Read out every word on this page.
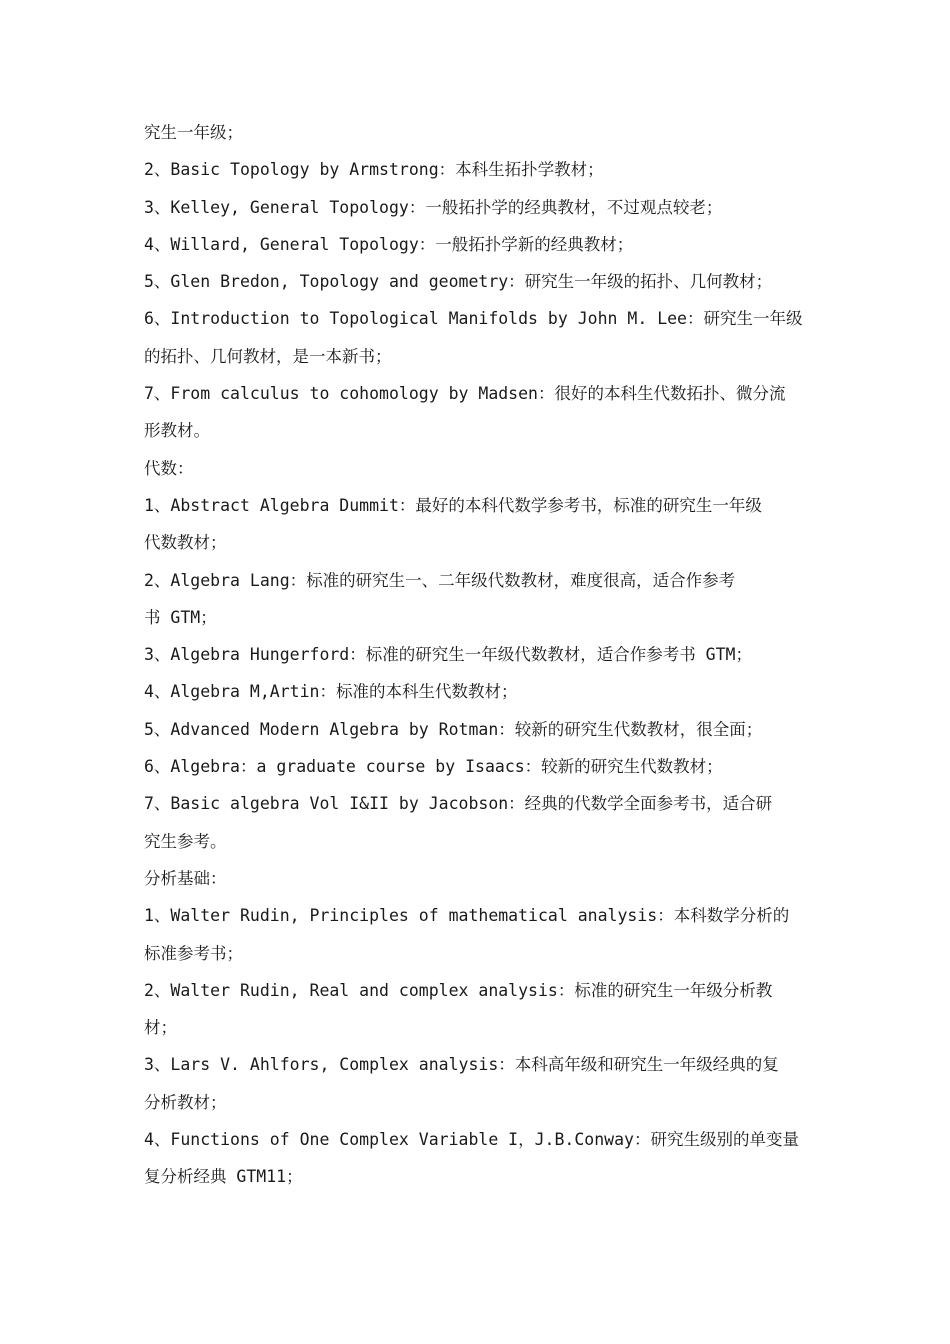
究生一年级；
2、Basic Topology by Armstrong：本科生拓扑学教材；
3、Kelley, General Topology：一般拓扑学的经典教材，不过观点较老；
4、Willard, General Topology：一般拓扑学新的经典教材；
5、Glen Bredon, Topology and geometry：研究生一年级的拓扑、几何教材；
6、Introduction to Topological Manifolds by John M. Lee：研究生一年级
的拓扑、几何教材，是一本新书；
7、From calculus to cohomology by Madsen：很好的本科生代数拓扑、微分流
形教材。
代数：
1、Abstract Algebra Dummit：最好的本科代数学参考书，标准的研究生一年级
代数教材；
2、Algebra Lang：标准的研究生一、二年级代数教材，难度很高，适合作参考
书 GTM；
3、Algebra Hungerford：标准的研究生一年级代数教材，适合作参考书 GTM；
4、Algebra M,Artin：标准的本科生代数教材；
5、Advanced Modern Algebra by Rotman：较新的研究生代数教材，很全面；
6、Algebra：a graduate course by Isaacs：较新的研究生代数教材；
7、Basic algebra Vol I&II by Jacobson：经典的代数学全面参考书，适合研
究生参考。
分析基础：
1、Walter Rudin, Principles of mathematical analysis：本科数学分析的
标准参考书；
2、Walter Rudin, Real and complex analysis：标准的研究生一年级分析教
材；
3、Lars V. Ahlfors, Complex analysis：本科高年级和研究生一年级经典的复
分析教材；
4、Functions of One Complex Variable I，J.B.Conway：研究生级别的单变量
复分析经典 GTM11；
